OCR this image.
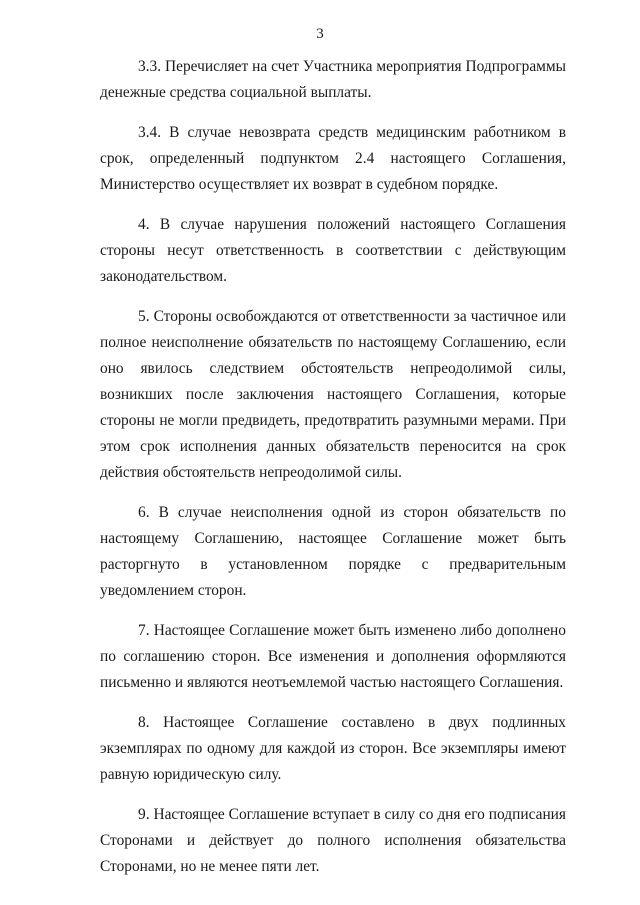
3

3.3. Перечисляет на счет Участника мероприятия Подпрограммы денежные средства социальной выплаты.

3.4. В случае невозврата средств медицинским работником в срок, определенный подпунктом 2.4 настоящего Соглашения, Министерство осуществляет их возврат в судебном порядке.

4. В случае нарушения положений настоящего Соглашения стороны несут ответственность в соответствии с действующим законодательством.

5. Стороны освобождаются от ответственности за частичное или полное неисполнение обязательств по настоящему Соглашению, если оно явилось следствием обстоятельств непреодолимой силы, возникших после заключения настоящего Соглашения, которые стороны не могли предвидеть, предотвратить разумными мерами. При этом срок исполнения данных обязательств переносится на срок действия обстоятельств непреодолимой силы.

6. В случае неисполнения одной из сторон обязательств по настоящему Соглашению, настоящее Соглашение может быть расторгнуто в установленном порядке с предварительным уведомлением сторон.

7. Настоящее Соглашение может быть изменено либо дополнено по соглашению сторон. Все изменения и дополнения оформляются письменно и являются неотъемлемой частью настоящего Соглашения.

8. Настоящее Соглашение составлено в двух подлинных экземплярах по одному для каждой из сторон. Все экземпляры имеют равную юридическую силу.

9. Настоящее Соглашение вступает в силу со дня его подписания Сторонами и действует до полного исполнения обязательства Сторонами, но не менее пяти лет.
